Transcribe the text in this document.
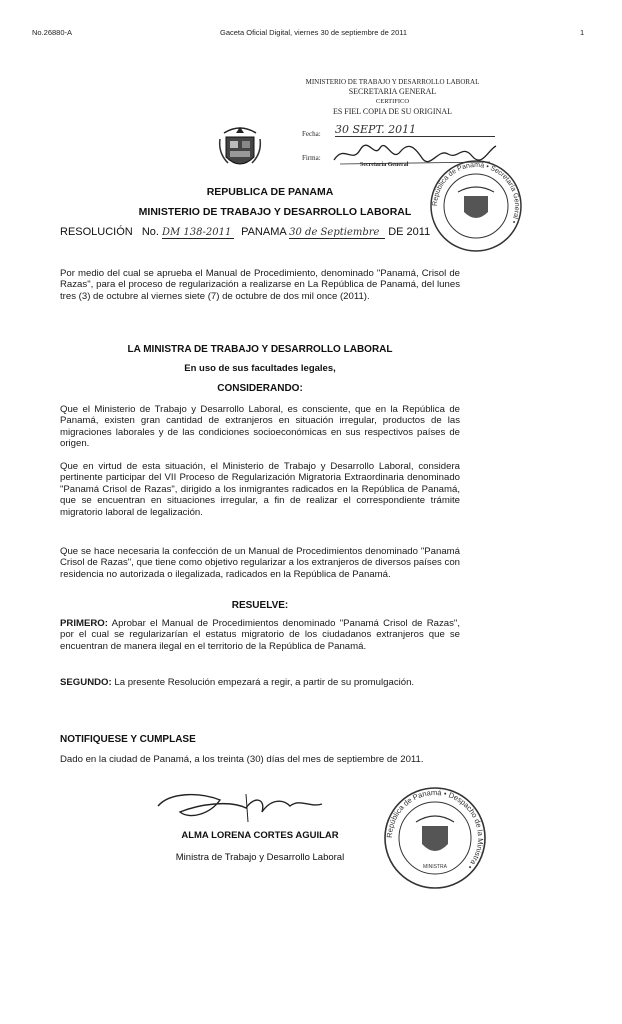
No.26880-A	Gaceta Oficial Digital, viernes 30 de septiembre de 2011	1
MINISTERIO DE TRABAJO Y DESARROLLO LABORAL
SECRETARIA GENERAL
CERTIFICO
ES FIEL COPIA DE SU ORIGINAL
Fecha: 30 SEPT. 2011
Firma:
Secretaria General
República de Panamá • Secretaría General •
REPUBLICA DE PANAMA
MINISTERIO DE TRABAJO Y DESARROLLO LABORAL
RESOLUCIÓN No. DM 138-2011 PANAMA 30 de Septiembre DE 2011
Por medio del cual se aprueba el Manual de Procedimiento, denominado "Panamá, Crisol de Razas", para el proceso de regularización a realizarse en La República de Panamá, del lunes tres (3) de octubre al viernes siete (7) de octubre de dos mil once (2011).
LA MINISTRA DE TRABAJO Y DESARROLLO LABORAL
En uso de sus facultades legales,
CONSIDERANDO:
Que el Ministerio de Trabajo y Desarrollo Laboral, es consciente, que en la República de Panamá, existen gran cantidad de extranjeros en situación irregular, productos de las migraciones laborales y de las condiciones socioeconómicas en sus respectivos países de origen.
Que en virtud de esta situación, el Ministerio de Trabajo y Desarrollo Laboral, considera pertinente participar del VII Proceso de Regularización Migratoria Extraordinaria denominado "Panamá Crisol de Razas", dirigido a los inmigrantes radicados en la República de Panamá, que se encuentran en situaciones irregular, a fin de realizar el correspondiente trámite migratorio laboral de legalización.
Que se hace necesaria la confección de un Manual de Procedimientos denominado "Panamá Crisol de Razas", que tiene como objetivo regularizar a los extranjeros de diversos países con residencia no autorizada o ilegalizada, radicados en la República de Panamá.
RESUELVE:
PRIMERO: Aprobar el Manual de Procedimientos denominado "Panamá Crisol de Razas", por el cual se regularizarían el estatus migratorio de los ciudadanos extranjeros que se encuentran de manera ilegal en el territorio de la República de Panamá.
SEGUNDO: La presente Resolución empezará a regir, a partir de su promulgación.
NOTIFIQUESE Y CUMPLASE
Dado en la ciudad de Panamá, a los treinta (30) días del mes de septiembre de 2011.
ALMA LORENA CORTES AGUILAR
Ministra de Trabajo y Desarrollo Laboral
República de Panamá • Despacho de la Ministra •
MINISTRA
